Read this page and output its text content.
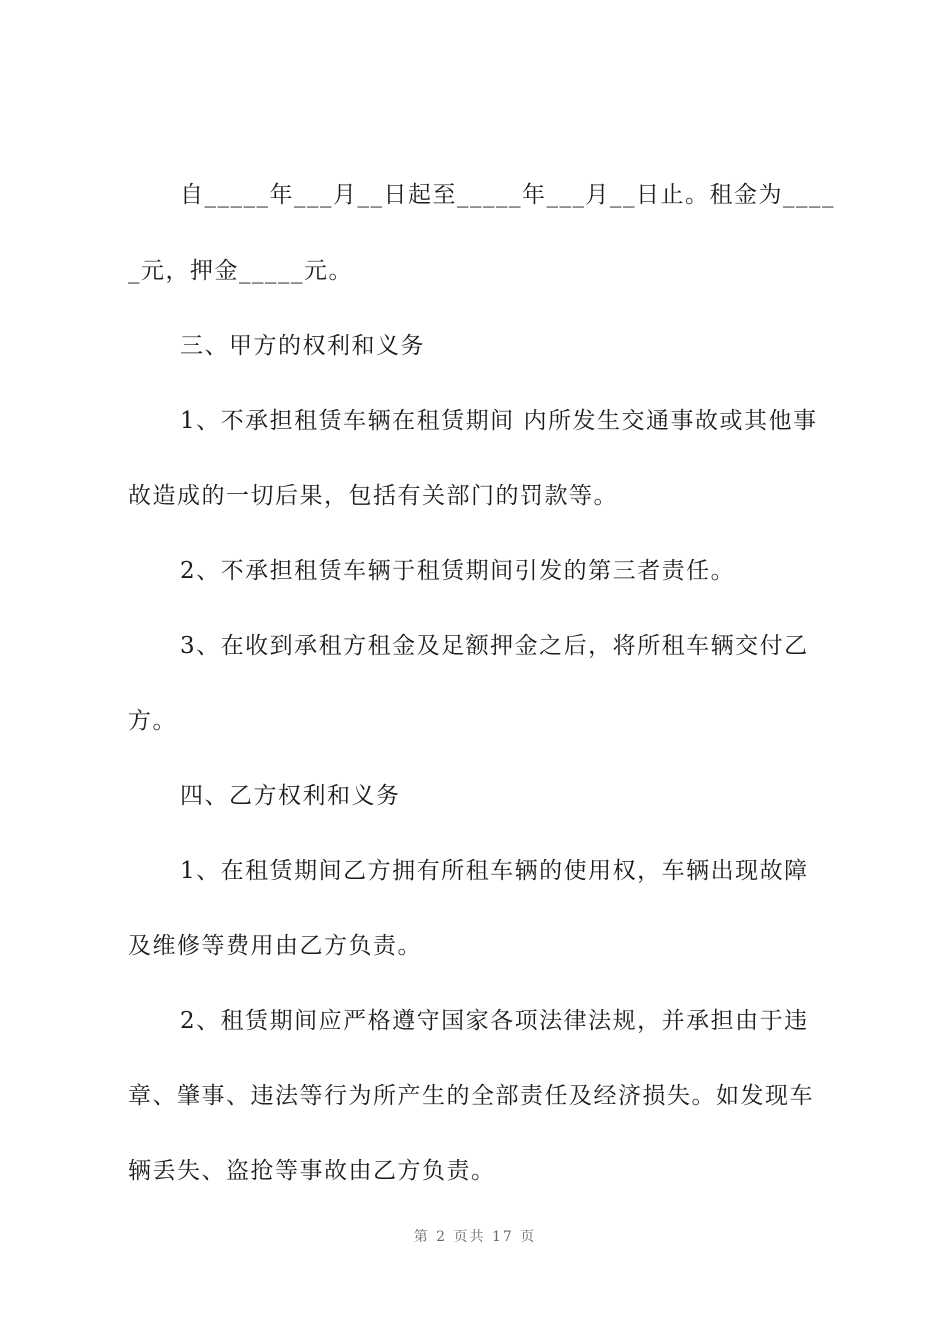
自_____年___月__日起至_____年___月__日止。租金为____
_元，押金_____元。
三、甲方的权利和义务
1、不承担租赁车辆在租赁期间 内所发生交通事故或其他事
故造成的一切后果，包括有关部门的罚款等。
2、不承担租赁车辆于租赁期间引发的第三者责任。
3、在收到承租方租金及足额押金之后，将所租车辆交付乙
方。
四、乙方权利和义务
1、在租赁期间乙方拥有所租车辆的使用权，车辆出现故障
及维修等费用由乙方负责。
2、租赁期间应严格遵守国家各项法律法规，并承担由于违
章、肇事、违法等行为所产生的全部责任及经济损失。如发现车
辆丢失、盗抢等事故由乙方负责。
第 2 页共 17 页
